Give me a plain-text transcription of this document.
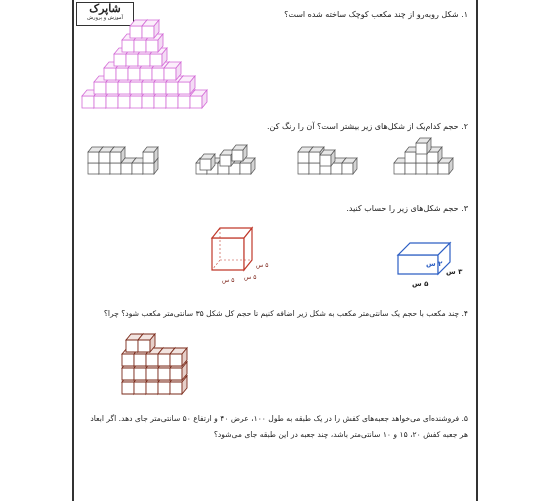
شاپرک
آموزش و پرورش	۱. شکل روبه‌رو از چند مکعب کوچک ساخته شده است؟
۲. حجم کدام‌یک از شکل‌های زیر بیشتر است؟ آن را رنگ کن.
۳. حجم شکل‌های زیر را حساب کنید.
۴. چند مکعب با حجم یک سانتی‌متر مکعب به شکل زیر اضافه کنیم تا حجم کل شکل ۳۵ سانتی‌متر مکعب شود؟ چرا؟
۵. فروشنده‌ای می‌خواهد جعبه‌های کفش را در یک طبقه به طول ۱۰۰، عرض ۴۰ و ارتفاع ۵۰ سانتی‌متر جای دهد. اگر ابعاد
هر جعبه کفش ۲۰، ۱۵ و ۱۰ سانتی‌متر باشد، چند جعبه در این طبقه جای می‌شود؟
۵ س
۵ س
۵ س
۲ س
۳ س
۵ س
